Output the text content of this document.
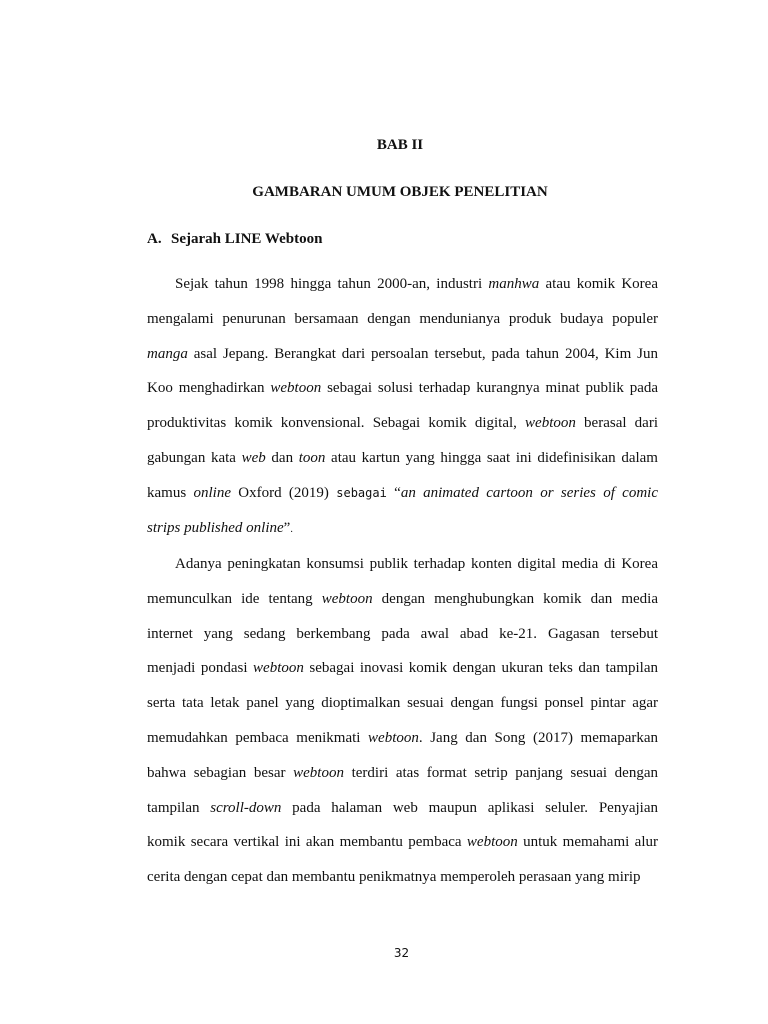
BAB II
GAMBARAN UMUM OBJEK PENELITIAN
A. Sejarah LINE Webtoon
Sejak tahun 1998 hingga tahun 2000-an, industri manhwa atau komik Korea
mengalami penurunan bersamaan dengan mendunianya produk budaya populer
manga asal Jepang. Berangkat dari persoalan tersebut, pada tahun 2004, Kim Jun
Koo menghadirkan webtoon sebagai solusi terhadap kurangnya minat publik pada
produktivitas komik konvensional. Sebagai komik digital, webtoon berasal dari
gabungan kata web dan toon atau kartun yang hingga saat ini didefinisikan dalam
kamus online Oxford (2019) sebagai “an animated cartoon or series of comic
strips published online”.
Adanya peningkatan konsumsi publik terhadap konten digital media di Korea
memunculkan ide tentang webtoon dengan menghubungkan komik dan media
internet yang sedang berkembang pada awal abad ke-21. Gagasan tersebut
menjadi pondasi webtoon sebagai inovasi komik dengan ukuran teks dan tampilan
serta tata letak panel yang dioptimalkan sesuai dengan fungsi ponsel pintar agar
memudahkan pembaca menikmati webtoon. Jang dan Song (2017) memaparkan
bahwa sebagian besar webtoon terdiri atas format setrip panjang sesuai dengan
tampilan scroll-down pada halaman web maupun aplikasi seluler. Penyajian
komik secara vertikal ini akan membantu pembaca webtoon untuk memahami alur
cerita dengan cepat dan membantu penikmatnya memperoleh perasaan yang mirip
32
